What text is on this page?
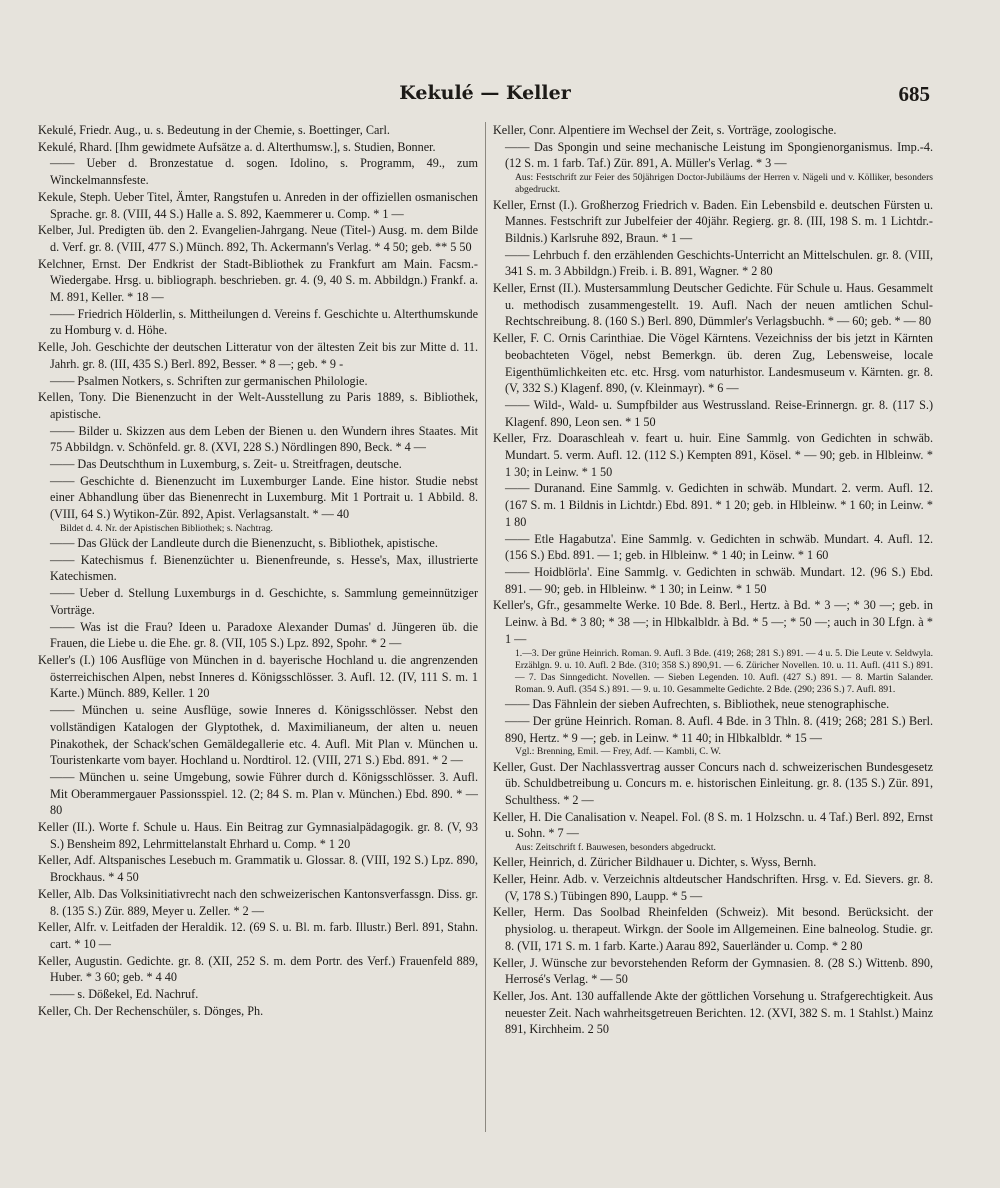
Kekulé — Keller	685

Kekulé, Friedr. Aug., u. s. Bedeutung in der Chemie, s. Boettinger, Carl.

Kekulé, Rhard. [Ihm gewidmete Aufsätze a. d. Alterthumsw.], s. Studien, Bonner.

—— Ueber d. Bronzestatue d. sogen. Idolino, s. Programm, 49., zum Winckelmannsfeste.

Kekule, Steph. Ueber Titel, Ämter, Rangstufen u. Anreden in der offiziellen osmanischen Sprache. gr. 8. (VIII, 44 S.) Halle a. S. 892, Kaemmerer u. Comp. * 1 —

Kelber, Jul. Predigten üb. den 2. Evangelien-Jahrgang. Neue (Titel-) Ausg. m. dem Bilde d. Verf. gr. 8. (VIII, 477 S.) Münch. 892, Th. Ackermann's Verlag. * 4 50; geb. ** 5 50

Kelchner, Ernst. Der Endkrist der Stadt-Bibliothek zu Frankfurt am Main. Facsm.-Wiedergabe. Hrsg. u. bibliograph. beschrieben. gr. 4. (9, 40 S. m. Abbildgn.) Frankf. a. M. 891, Keller. * 18 —

—— Friedrich Hölderlin, s. Mittheilungen d. Vereins f. Geschichte u. Alterthumskunde zu Homburg v. d. Höhe.

Kelle, Joh. Geschichte der deutschen Litteratur von der ältesten Zeit bis zur Mitte d. 11. Jahrh. gr. 8. (III, 435 S.) Berl. 892, Besser. * 8 —; geb. * 9 -

—— Psalmen Notkers, s. Schriften zur germanischen Philologie.

Kellen, Tony. Die Bienenzucht in der Welt-Ausstellung zu Paris 1889, s. Bibliothek, apistische.

—— Bilder u. Skizzen aus dem Leben der Bienen u. den Wundern ihres Staates. Mit 75 Abbildgn. v. Schönfeld. gr. 8. (XVI, 228 S.) Nördlingen 890, Beck. * 4 —

—— Das Deutschthum in Luxemburg, s. Zeit- u. Streitfragen, deutsche.

—— Geschichte d. Bienenzucht im Luxemburger Lande. Eine histor. Studie nebst einer Abhandlung über das Bienenrecht in Luxemburg. Mit 1 Portrait u. 1 Abbild. 8. (VIII, 64 S.) Wytikon-Zür. 892, Apist. Verlagsanstalt. * — 40

Bildet d. 4. Nr. der Apistischen Bibliothek; s. Nachtrag.

—— Das Glück der Landleute durch die Bienenzucht, s. Bibliothek, apistische.

—— Katechismus f. Bienenzüchter u. Bienenfreunde, s. Hesse's, Max, illustrierte Katechismen.

—— Ueber d. Stellung Luxemburgs in d. Geschichte, s. Sammlung gemeinnütziger Vorträge.

—— Was ist die Frau? Ideen u. Paradoxe Alexander Dumas' d. Jüngeren üb. die Frauen, die Liebe u. die Ehe. gr. 8. (VII, 105 S.) Lpz. 892, Spohr. * 2 —

Keller's (I.) 106 Ausflüge von München in d. bayerische Hochland u. die angrenzenden österreichischen Alpen, nebst Inneres d. Königsschlösser. 3. Aufl. 12. (IV, 111 S. m. 1 Karte.) Münch. 889, Keller. 1 20

—— München u. seine Ausflüge, sowie Inneres d. Königsschlösser. Nebst den vollständigen Katalogen der Glyptothek, d. Maximilianeum, der alten u. neuen Pinakothek, der Schack'schen Gemäldegallerie etc. 4. Aufl. Mit Plan v. München u. Touristenkarte vom bayer. Hochland u. Nordtirol. 12. (VIII, 271 S.) Ebd. 891. * 2 —

—— München u. seine Umgebung, sowie Führer durch d. Königsschlösser. 3. Aufl. Mit Oberammergauer Passionsspiel. 12. (2; 84 S. m. Plan v. München.) Ebd. 890. * — 80

Keller (II.). Worte f. Schule u. Haus. Ein Beitrag zur Gymnasialpädagogik. gr. 8. (V, 93 S.) Bensheim 892, Lehrmittelanstalt Ehrhard u. Comp. * 1 20

Keller, Adf. Altspanisches Lesebuch m. Grammatik u. Glossar. 8. (VIII, 192 S.) Lpz. 890, Brockhaus. * 4 50

Keller, Alb. Das Volksinitiativrecht nach den schweizerischen Kantonsverfassgn. Diss. gr. 8. (135 S.) Zür. 889, Meyer u. Zeller. * 2 —

Keller, Alfr. v. Leitfaden der Heraldik. 12. (69 S. u. Bl. m. farb. Illustr.) Berl. 891, Stahn. cart. * 10 —

Keller, Augustin. Gedichte. gr. 8. (XII, 252 S. m. dem Portr. des Verf.) Frauenfeld 889, Huber. * 3 60; geb. * 4 40

—— s. Dößekel, Ed. Nachruf.

Keller, Ch. Der Rechenschüler, s. Dönges, Ph.

Keller, Conr. Alpentiere im Wechsel der Zeit, s. Vorträge, zoologische.

—— Das Spongin und seine mechanische Leistung im Spongienorganismus. Imp.-4. (12 S. m. 1 farb. Taf.) Zür. 891, A. Müller's Verlag. * 3 —

Aus: Festschrift zur Feier des 50jährigen Doctor-Jubiläums der Herren v. Nägeli und v. Kölliker, besonders abgedruckt.

Keller, Ernst (I.). Großherzog Friedrich v. Baden. Ein Lebensbild e. deutschen Fürsten u. Mannes. Festschrift zur Jubelfeier der 40jähr. Regierg. gr. 8. (III, 198 S. m. 1 Lichtdr.-Bildnis.) Karlsruhe 892, Braun. * 1 —

—— Lehrbuch f. den erzählenden Geschichts-Unterricht an Mittelschulen. gr. 8. (VIII, 341 S. m. 3 Abbildgn.) Freib. i. B. 891, Wagner. * 2 80

Keller, Ernst (II.). Mustersammlung Deutscher Gedichte. Für Schule u. Haus. Gesammelt u. methodisch zusammengestellt. 19. Aufl. Nach der neuen amtlichen Schul-Rechtschreibung. 8. (160 S.) Berl. 890, Dümmler's Verlagsbuchh. * — 60; geb. * — 80

Keller, F. C. Ornis Carinthiae. Die Vögel Kärntens. Vezeichniss der bis jetzt in Kärnten beobachteten Vögel, nebst Bemerkgn. üb. deren Zug, Lebensweise, locale Eigenthümlichkeiten etc. etc. Hrsg. vom naturhistor. Landesmuseum v. Kärnten. gr. 8. (V, 332 S.) Klagenf. 890, (v. Kleinmayr). * 6 —

—— Wild-, Wald- u. Sumpfbilder aus Westrussland. Reise-Erinnergn. gr. 8. (117 S.) Klagenf. 890, Leon sen. * 1 50

Keller, Frz. Doaraschleah v. feart u. huir. Eine Sammlg. von Gedichten in schwäb. Mundart. 5. verm. Aufl. 12. (112 S.) Kempten 891, Kösel. * — 90; geb. in Hlbleinw. * 1 30; in Leinw. * 1 50

—— Duranand. Eine Sammlg. v. Gedichten in schwäb. Mundart. 2. verm. Aufl. 12. (167 S. m. 1 Bildnis in Lichtdr.) Ebd. 891. * 1 20; geb. in Hlbleinw. * 1 60; in Leinw. * 1 80

—— Etle Hagabutza'. Eine Sammlg. v. Gedichten in schwäb. Mundart. 4. Aufl. 12. (156 S.) Ebd. 891. — 1; geb. in Hlbleinw. * 1 40; in Leinw. * 1 60

—— Hoidblörla'. Eine Sammlg. v. Gedichten in schwäb. Mundart. 12. (96 S.) Ebd. 891. — 90; geb. in Hlbleinw. * 1 30; in Leinw. * 1 50

Keller's, Gfr., gesammelte Werke. 10 Bde. 8. Berl., Hertz. à Bd. * 3 —; * 30 —; geb. in Leinw. à Bd. * 3 80; * 38 —; in Hlbkalbldr. à Bd. * 5 —; * 50 —; auch in 30 Lfgn. à * 1 —

1.—3. Der grüne Heinrich. Roman. 9. Aufl. 3 Bde. (419; 268; 281 S.) 891. — 4 u. 5. Die Leute v. Seldwyla. Erzählgn. 9. u. 10. Aufl. 2 Bde. (310; 358 S.) 890,91. — 6. Züricher Novellen. 10. u. 11. Aufl. (411 S.) 891. — 7. Das Sinngedicht. Novellen. — Sieben Legenden. 10. Aufl. (427 S.) 891. — 8. Martin Salander. Roman. 9. Aufl. (354 S.) 891. — 9. u. 10. Gesammelte Gedichte. 2 Bde. (290; 236 S.) 7. Aufl. 891.

—— Das Fähnlein der sieben Aufrechten, s. Bibliothek, neue stenographische.

—— Der grüne Heinrich. Roman. 8. Aufl. 4 Bde. in 3 Thln. 8. (419; 268; 281 S.) Berl. 890, Hertz. * 9 —; geb. in Leinw. * 11 40; in Hlbkalbldr. * 15 —

Vgl.: Brenning, Emil. — Frey, Adf. — Kambli, C. W.

Keller, Gust. Der Nachlassvertrag ausser Concurs nach d. schweizerischen Bundesgesetz üb. Schuldbetreibung u. Concurs m. e. historischen Einleitung. gr. 8. (135 S.) Zür. 891, Schulthess. * 2 —

Keller, H. Die Canalisation v. Neapel. Fol. (8 S. m. 1 Holzschn. u. 4 Taf.) Berl. 892, Ernst u. Sohn. * 7 —

Aus: Zeitschrift f. Bauwesen, besonders abgedruckt.

Keller, Heinrich, d. Züricher Bildhauer u. Dichter, s. Wyss, Bernh.

Keller, Heinr. Adb. v. Verzeichnis altdeutscher Handschriften. Hrsg. v. Ed. Sievers. gr. 8. (V, 178 S.) Tübingen 890, Laupp. * 5 —

Keller, Herm. Das Soolbad Rheinfelden (Schweiz). Mit besond. Berücksicht. der physiolog. u. therapeut. Wirkgn. der Soole im Allgemeinen. Eine balneolog. Studie. gr. 8. (VII, 171 S. m. 1 farb. Karte.) Aarau 892, Sauerländer u. Comp. * 2 80

Keller, J. Wünsche zur bevorstehenden Reform der Gymnasien. 8. (28 S.) Wittenb. 890, Herrosé's Verlag. * — 50

Keller, Jos. Ant. 130 auffallende Akte der göttlichen Vorsehung u. Strafgerechtigkeit. Aus neuester Zeit. Nach wahrheitsgetreuen Berichten. 12. (XVI, 382 S. m. 1 Stahlst.) Mainz 891, Kirchheim. 2 50
